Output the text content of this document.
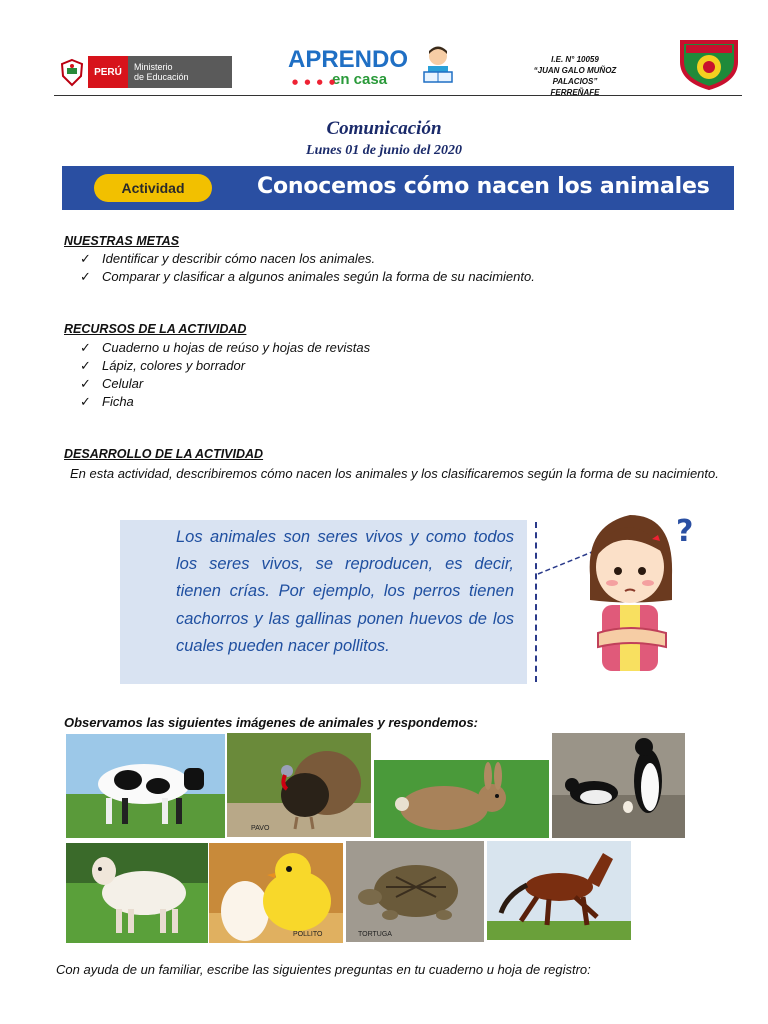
PERÚ	Ministerio
de Educación
APRENDO
en casa
● ● ● ●
I.E. N° 10059
“JUAN GALO MUÑOZ PALACIOS”
FERREÑAFE
Comunicación
Lunes 01 de junio del 2020
Actividad	Conocemos cómo nacen los animales
NUESTRAS METAS
✓ Identificar y describir cómo nacen los animales.
✓ Comparar y clasificar a algunos animales según la forma de su nacimiento.
RECURSOS DE LA ACTIVIDAD
✓ Cuaderno u hojas de reúso y hojas de revistas
✓ Lápiz, colores y borrador
✓ Celular
✓ Ficha
DESARROLLO DE LA ACTIVIDAD
En esta actividad, describiremos cómo nacen los animales y los clasificaremos según la forma de su nacimiento.
Los animales son seres vivos y como todos los seres vivos, se reproducen, es decir, tienen crías. Por ejemplo, los perros tienen cachorros y las gallinas ponen huevos de los cuales pueden nacer pollitos.
?
Observamos las siguientes imágenes de animales y respondemos:
PAVO
POLLITO	TORTUGA
Con ayuda de un familiar, escribe las siguientes preguntas en tu cuaderno u hoja de registro:
